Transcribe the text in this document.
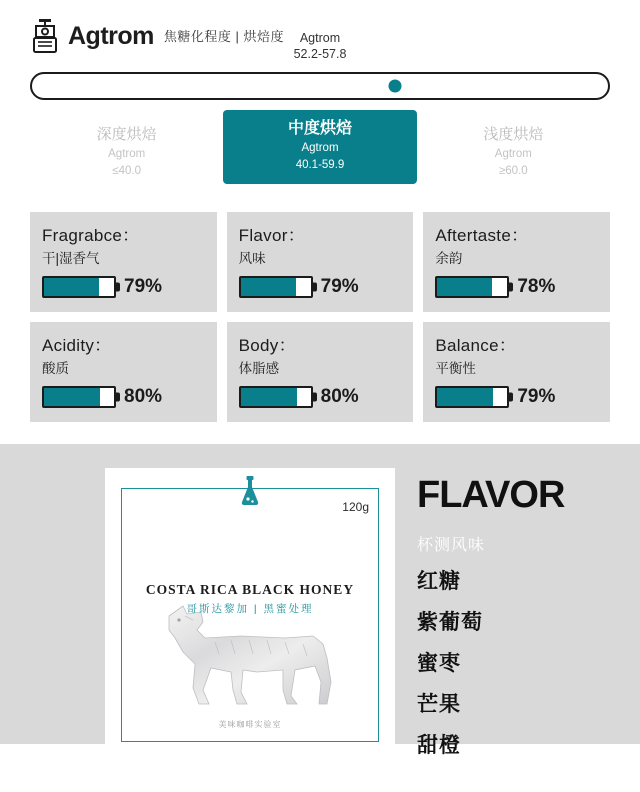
Agtrom 焦糖化程度 | 烘焙度	Agtrom
52.2-57.8
深度烘焙
Agtrom
≤40.0
中度烘焙
Agtrom
40.1-59.9
浅度烘焙
Agtrom
≥60.0
Fragrabce：
干|湿香气
79%
Flavor：
风味
79%
Aftertaste：
余韵
78%
Acidity：
酸质
80%
Body：
体脂感
80%
Balance：
平衡性
79%
120g
COSTA RICA BLACK HONEY
哥斯达黎加 | 黑蜜处理
美味咖啡实验室
FLAVOR
杯测风味
红糖
紫葡萄
蜜枣
芒果
甜橙
